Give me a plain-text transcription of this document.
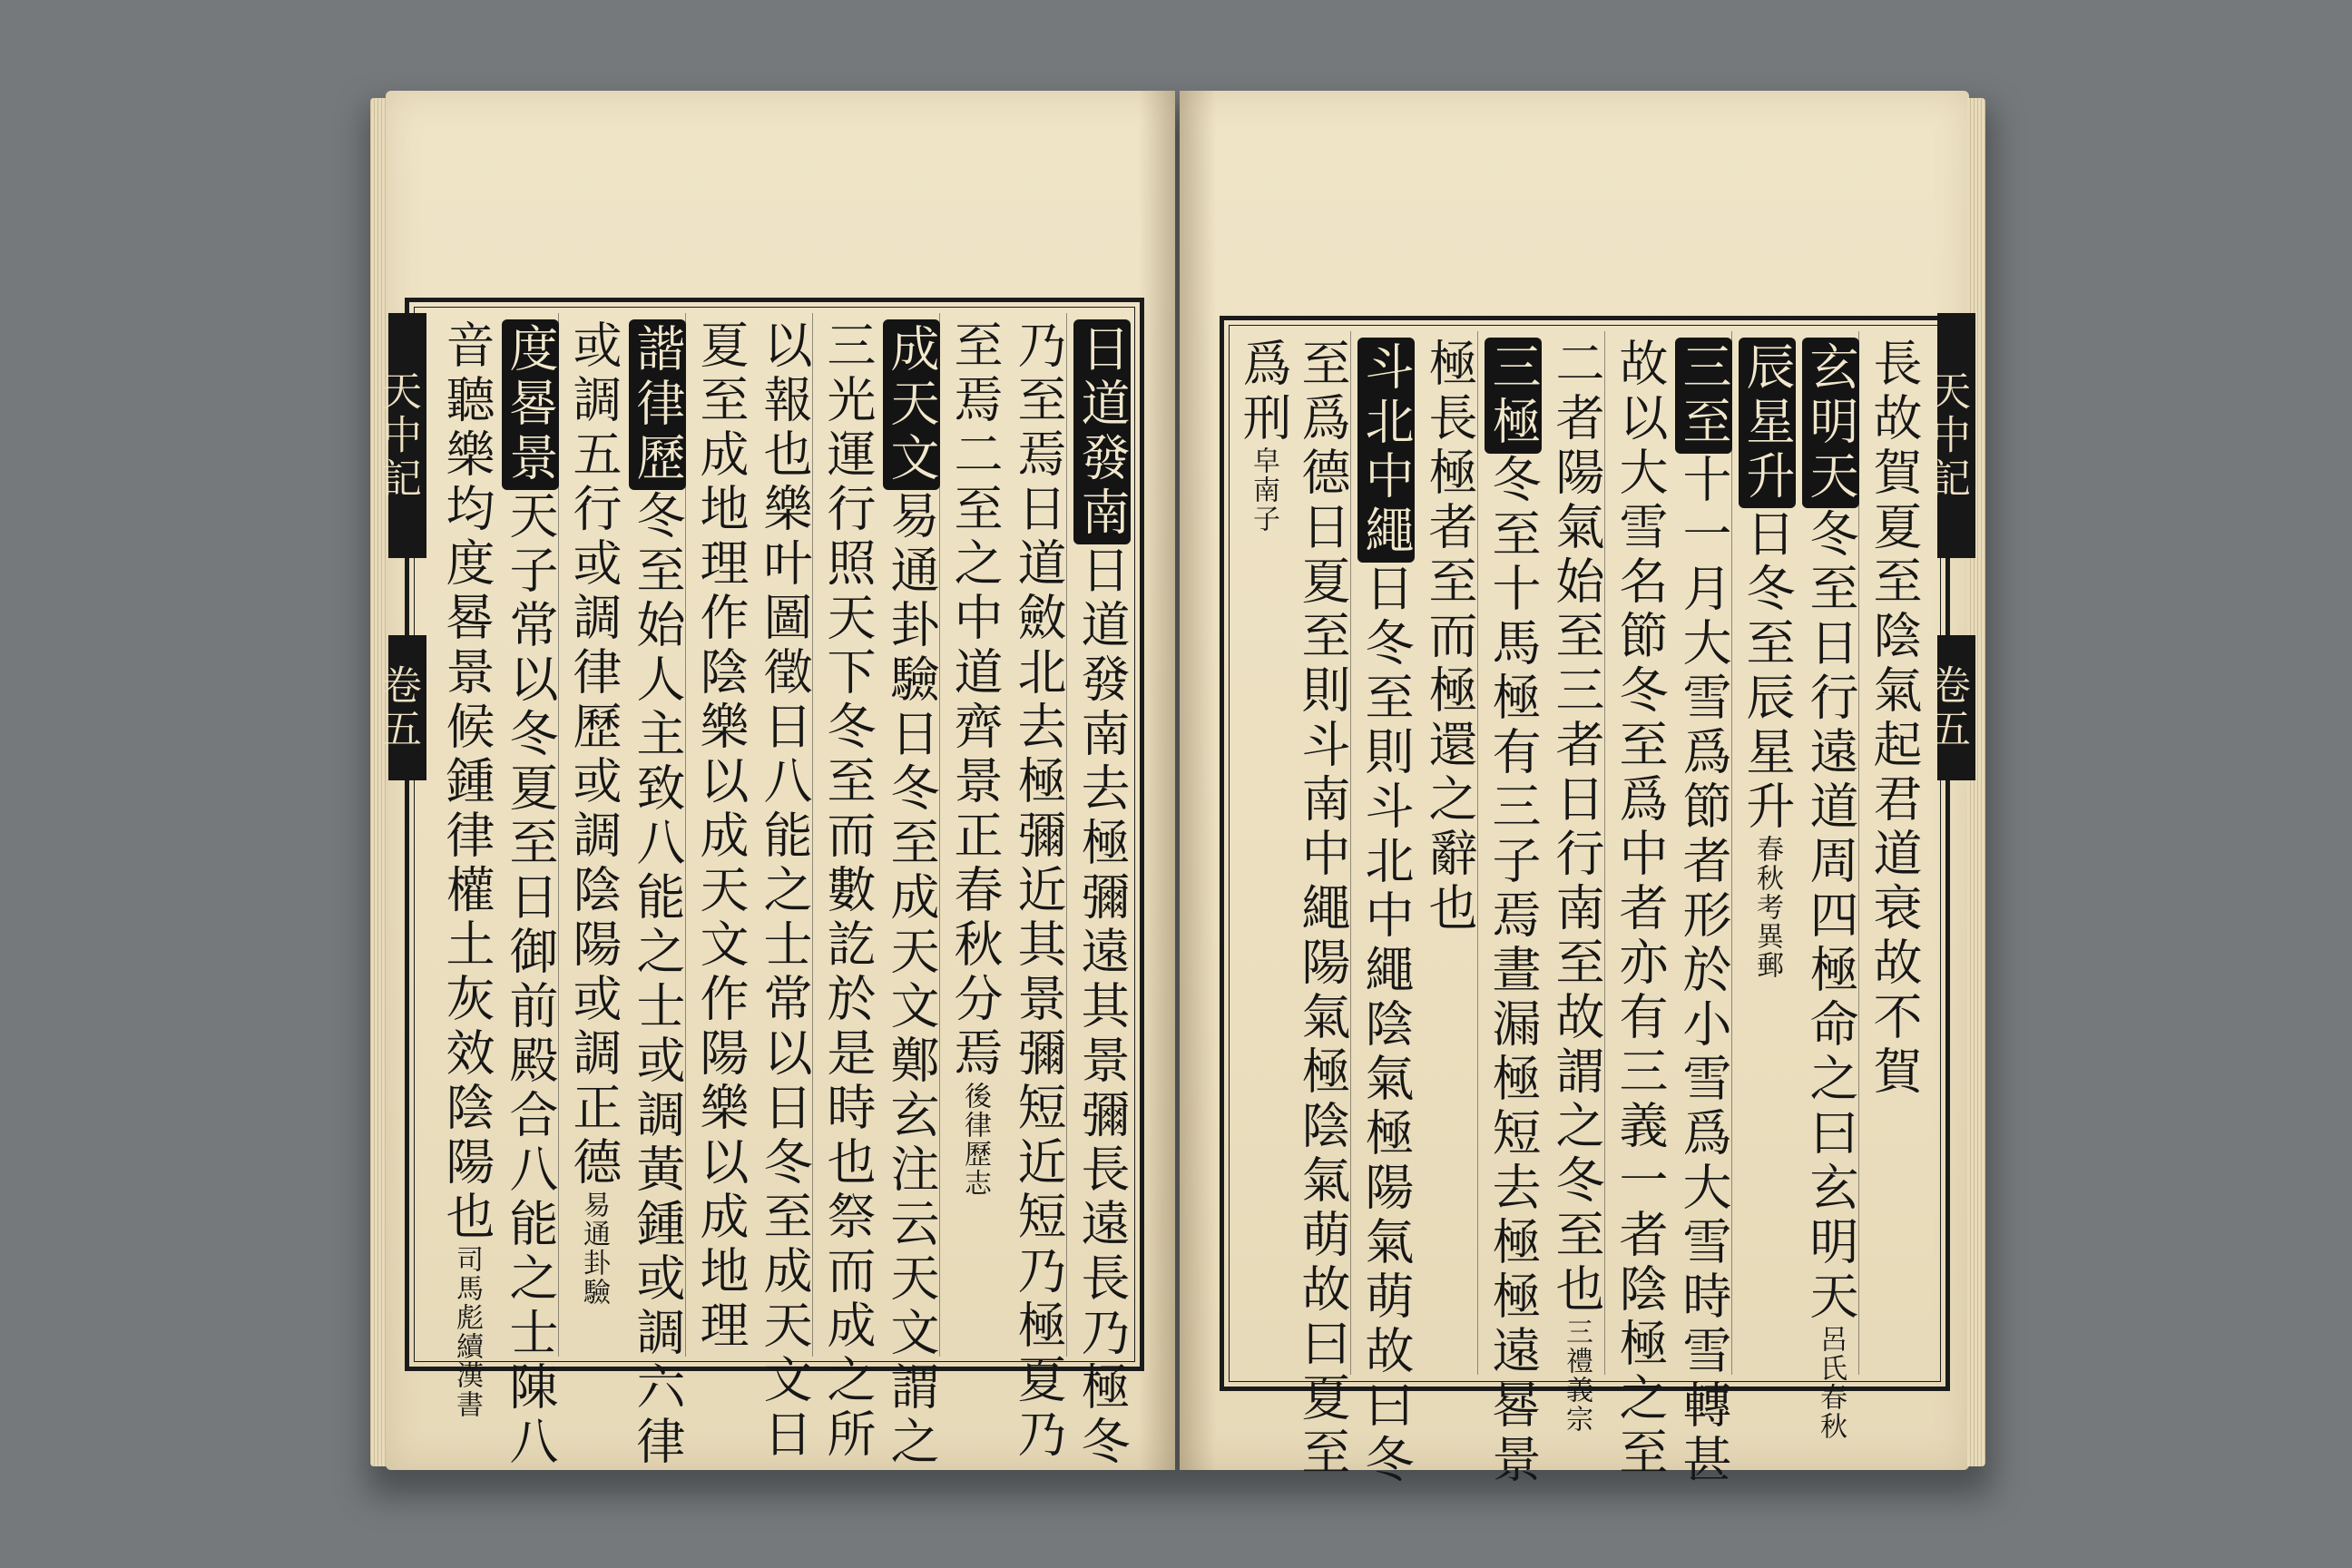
天中記
卷五
天中記
卷五
日道發南日道發南去極彌遠其景彌長遠長乃極冬
乃至焉日道斂北去極彌近其景彌短近短乃極夏乃
至焉二至之中道齊景正春秋分焉後律歷志
成天文易通卦驗日冬至成天文鄭玄注云天文謂之
三光運行照天下冬至而數訖於是時也祭而成之所
以報也樂叶圖徵日八能之士常以日冬至成天文日
夏至成地理作陰樂以成天文作陽樂以成地理
諧律歷冬至始人主致八能之士或調黃鍾或調六律
或調五行或調律歷或調陰陽或調正德易通卦驗
度晷景天子常以冬夏至日御前殿合八能之士陳八
音聽樂均度晷景候鍾律權土灰效陰陽也司馬彪續漢書
長故賀夏至陰氣起君道衰故不賀
玄明天冬至日行遠道周四極命之曰玄明天呂氏春秋
辰星升日冬至辰星升春秋考異郵
三至十一月大雪爲節者形於小雪爲大雪時雪轉甚
故以大雪名節冬至爲中者亦有三義一者陰極之至
二者陽氣始至三者日行南至故謂之冬至也三禮義宗
三極冬至十馬極有三子焉晝漏極短去極極遠晷景
極長極者至而極還之辭也
斗北中繩日冬至則斗北中繩陰氣極陽氣萌故曰冬
至爲德日夏至則斗南中繩陽氣極陰氣萌故曰夏至
爲刑皁南子
